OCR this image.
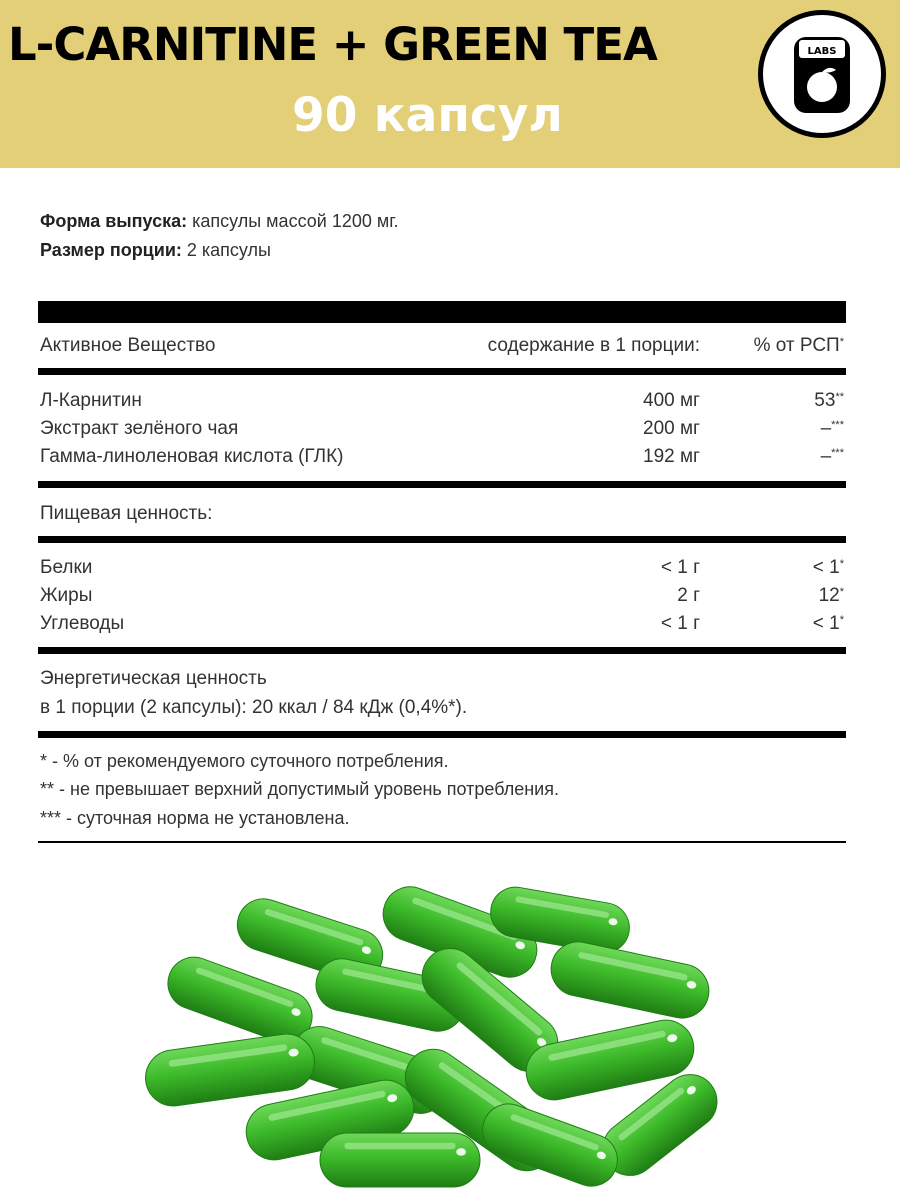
L-CARNITINE + GREEN TEA
90 капсул
LABS
Форма выпуска: капсулы массой 1200 мг.
Размер порции: 2 капсулы
Активное Вещество	содержание в 1 порции:	% от РСП*
Л-Карнитин	400 мг	53**
Экстракт зелёного чая	200 мг	–***
Гамма-линоленовая кислота (ГЛК)	192 мг	–***
Пищевая ценность:
Белки	< 1 г	< 1*
Жиры	2 г	12*
Углеводы	< 1 г	< 1*
Энергетическая ценность
в 1 порции (2 капсулы): 20 ккал / 84 кДж (0,4%*).
* - % от рекомендуемого суточного потребления.
** - не превышает верхний допустимый уровень потребления.
*** - суточная норма не установлена.
